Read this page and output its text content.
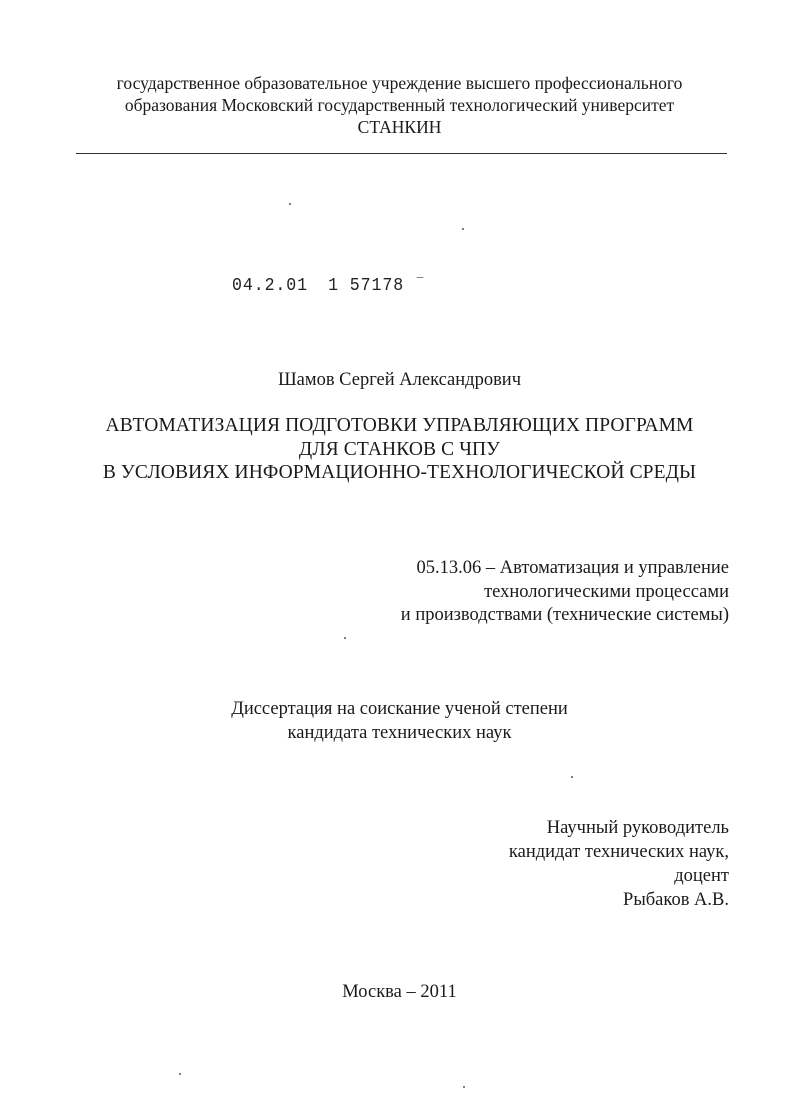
государственное образовательное учреждение высшего профессионального
образования Московский государственный технологический университет
СТАНКИН
04.2.01 1 57178 ‾
Шамов Сергей Александрович
АВТОМАТИЗАЦИЯ ПОДГОТОВКИ УПРАВЛЯЮЩИХ ПРОГРАММ
ДЛЯ СТАНКОВ С ЧПУ
В УСЛОВИЯХ ИНФОРМАЦИОННО-ТЕХНОЛОГИЧЕСКОЙ СРЕДЫ
05.13.06 – Автоматизация и управление
технологическими процессами
и производствами (технические системы)
Диссертация на соискание ученой степени
кандидата технических наук
Научный руководитель
кандидат технических наук,
доцент
Рыбаков А.В.
Москва – 2011
